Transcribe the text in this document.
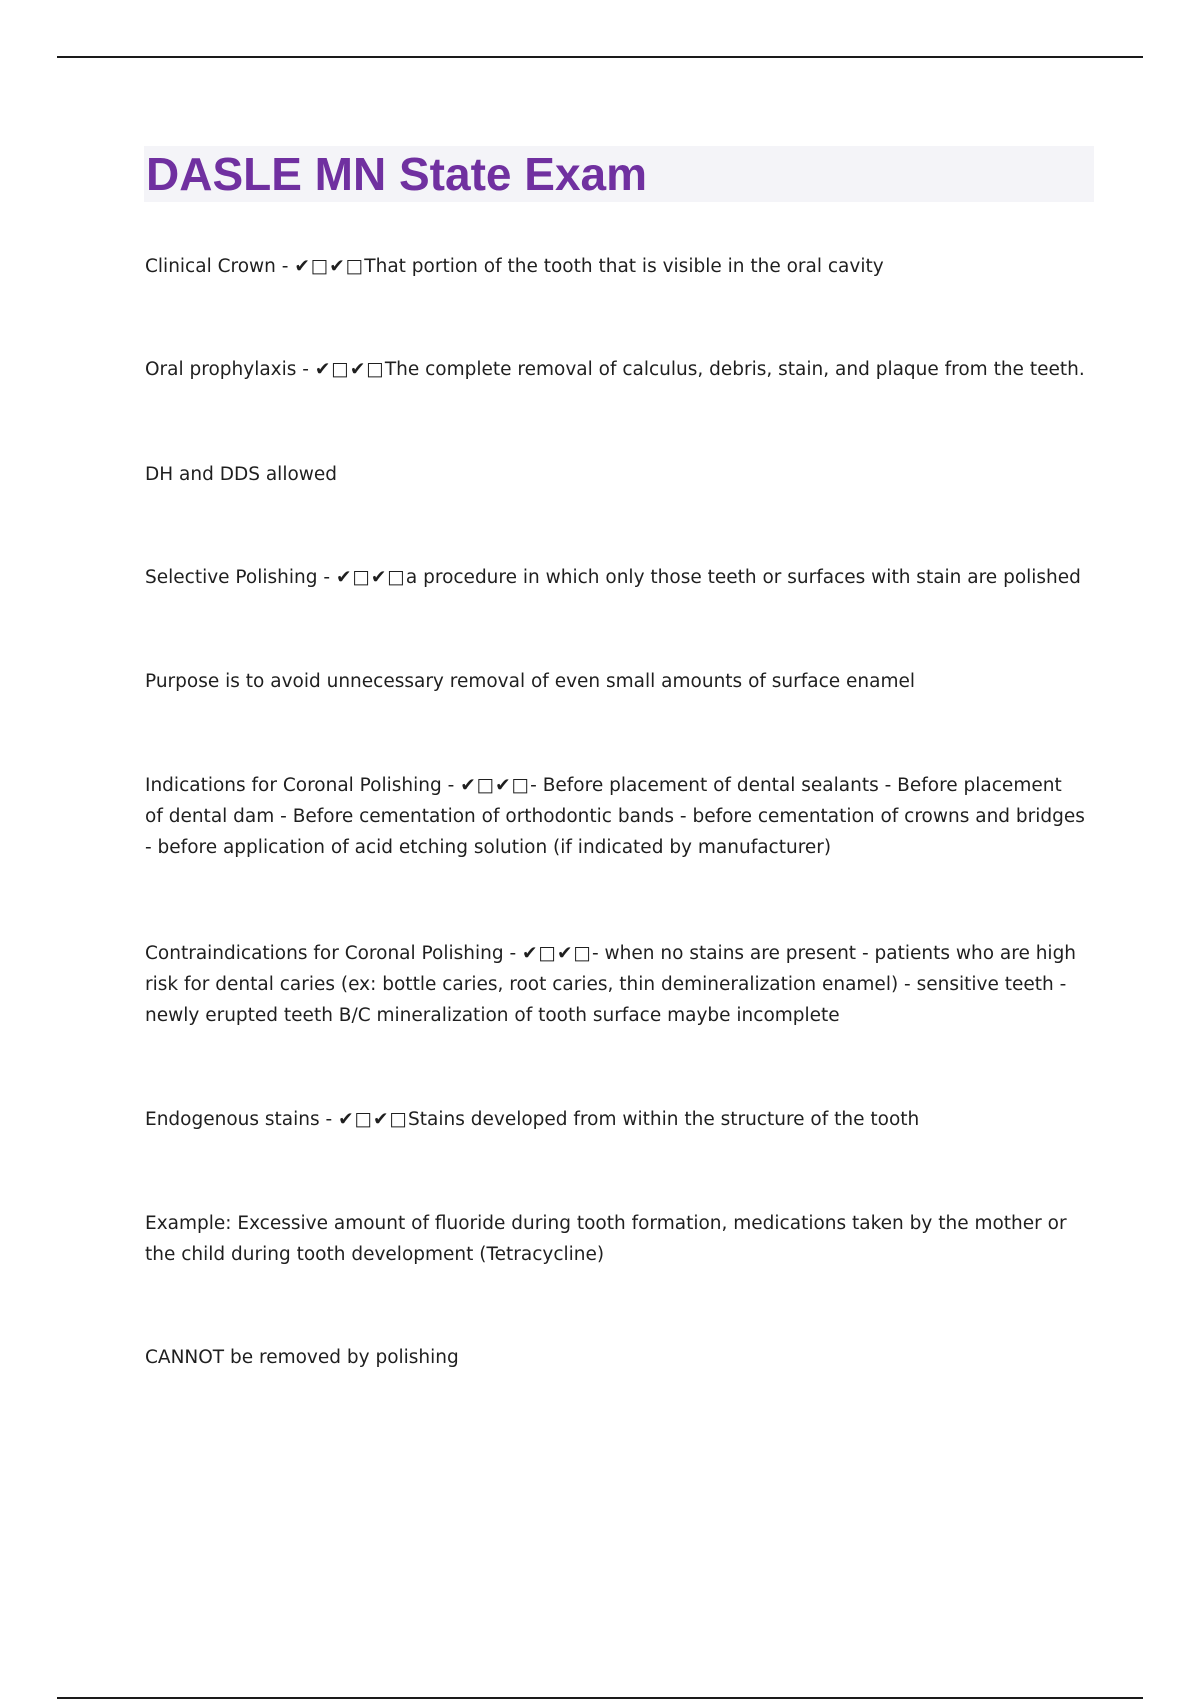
DASLE MN State Exam

Clinical Crown - ✔□✔□That portion of the tooth that is visible in the oral cavity

Oral prophylaxis - ✔□✔□The complete removal of calculus, debris, stain, and plaque from the teeth.

DH and DDS allowed

Selective Polishing - ✔□✔□a procedure in which only those teeth or surfaces with stain are polished

Purpose is to avoid unnecessary removal of even small amounts of surface enamel

Indications for Coronal Polishing - ✔□✔□- Before placement of dental sealants - Before placement of dental dam - Before cementation of orthodontic bands - before cementation of crowns and bridges - before application of acid etching solution (if indicated by manufacturer)

Contraindications for Coronal Polishing - ✔□✔□- when no stains are present - patients who are high risk for dental caries (ex: bottle caries, root caries, thin demineralization enamel) - sensitive teeth - newly erupted teeth B/C mineralization of tooth surface maybe incomplete

Endogenous stains - ✔□✔□Stains developed from within the structure of the tooth

Example: Excessive amount of fluoride during tooth formation, medications taken by the mother or the child during tooth development (Tetracycline)

CANNOT be removed by polishing
